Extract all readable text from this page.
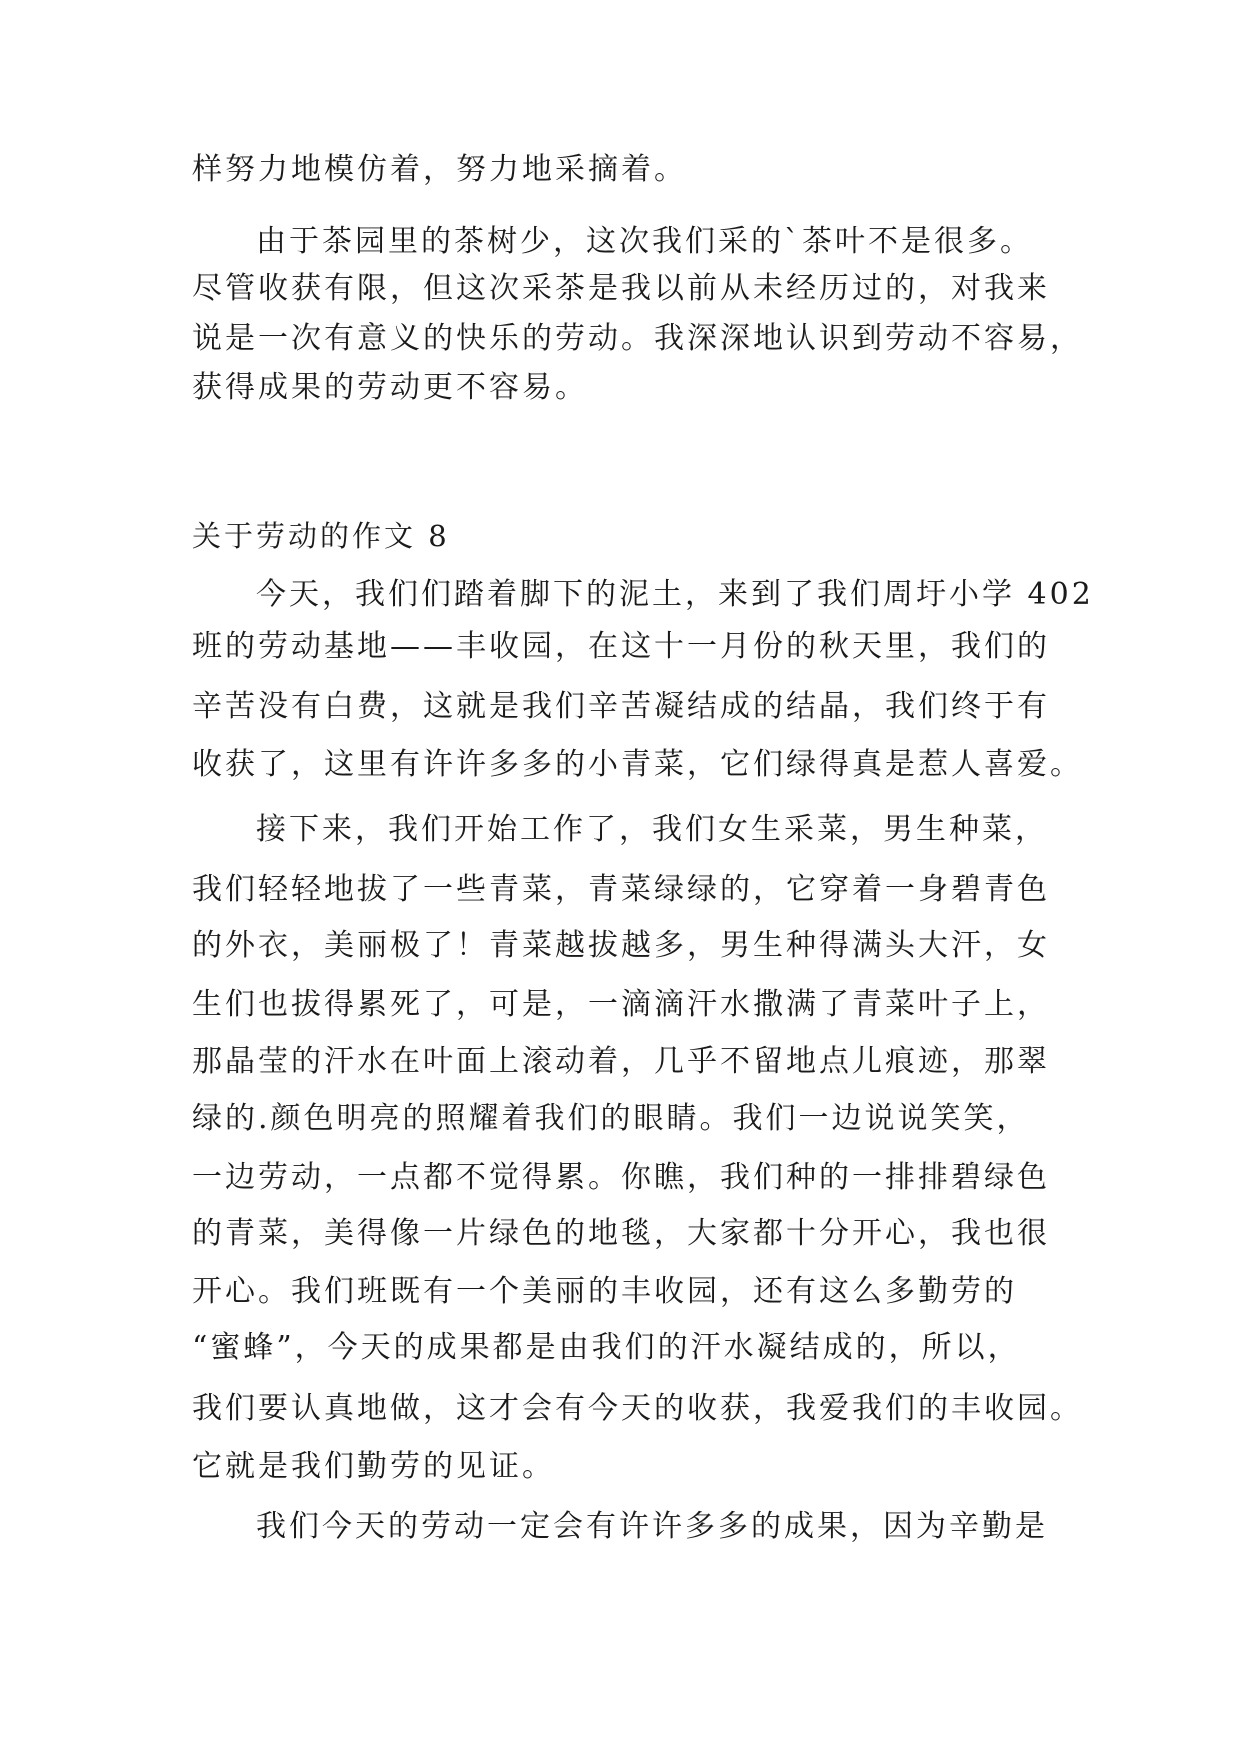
样努力地模仿着，努力地采摘着。
由于茶园里的茶树少，这次我们采的`茶叶不是很多。
尽管收获有限，但这次采茶是我以前从未经历过的，对我来
说是一次有意义的快乐的劳动。我深深地认识到劳动不容易，
获得成果的劳动更不容易。
关于劳动的作文 8
今天，我们们踏着脚下的泥土，来到了我们周圩小学 402
班的劳动基地——丰收园，在这十一月份的秋天里，我们的
辛苦没有白费，这就是我们辛苦凝结成的结晶，我们终于有
收获了，这里有许许多多的小青菜，它们绿得真是惹人喜爱。
接下来，我们开始工作了，我们女生采菜，男生种菜，
我们轻轻地拔了一些青菜，青菜绿绿的，它穿着一身碧青色
的外衣，美丽极了！青菜越拔越多，男生种得满头大汗，女
生们也拔得累死了，可是，一滴滴汗水撒满了青菜叶子上，
那晶莹的汗水在叶面上滚动着，几乎不留地点儿痕迹，那翠
绿的.颜色明亮的照耀着我们的眼睛。我们一边说说笑笑，
一边劳动，一点都不觉得累。你瞧，我们种的一排排碧绿色
的青菜，美得像一片绿色的地毯，大家都十分开心，我也很
开心。我们班既有一个美丽的丰收园，还有这么多勤劳的
“蜜蜂”，今天的成果都是由我们的汗水凝结成的，所以，
我们要认真地做，这才会有今天的收获，我爱我们的丰收园。
它就是我们勤劳的见证。
我们今天的劳动一定会有许许多多的成果，因为辛勤是
